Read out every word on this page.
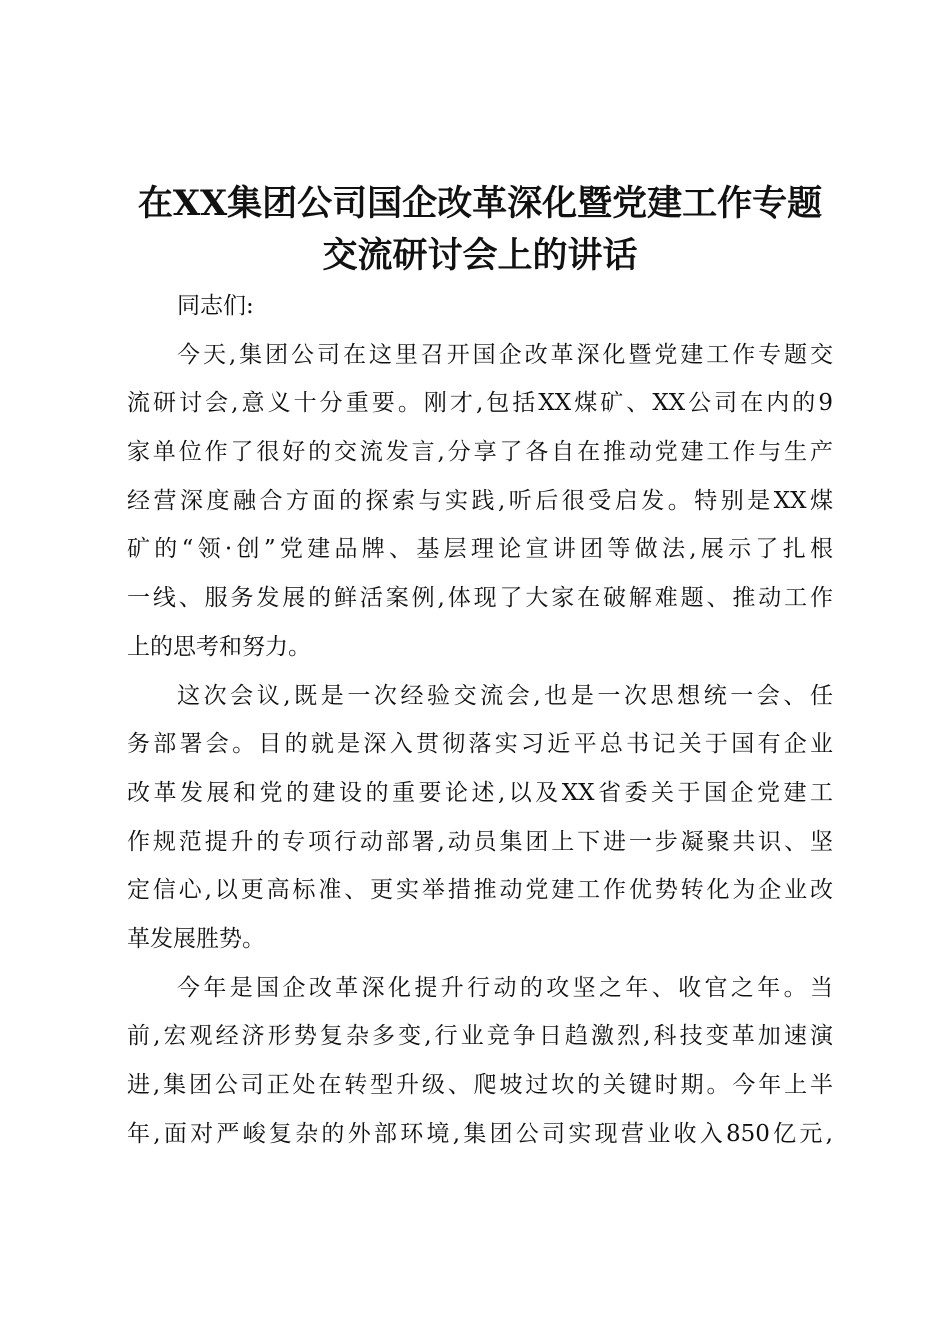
在XX集团公司国企改革深化暨党建工作专题
交流研讨会上的讲话
同志们:
今天,集团公司在这里召开国企改革深化暨党建工作专题交
流研讨会,意义十分重要。刚才,包括XX煤矿、XX公司在内的9
家单位作了很好的交流发言,分享了各自在推动党建工作与生产
经营深度融合方面的探索与实践,听后很受启发。特别是XX煤
矿的“领·创”党建品牌、基层理论宣讲团等做法,展示了扎根
一线、服务发展的鲜活案例,体现了大家在破解难题、推动工作
上的思考和努力。
这次会议,既是一次经验交流会,也是一次思想统一会、任
务部署会。目的就是深入贯彻落实习近平总书记关于国有企业
改革发展和党的建设的重要论述,以及XX省委关于国企党建工
作规范提升的专项行动部署,动员集团上下进一步凝聚共识、坚
定信心,以更高标准、更实举措推动党建工作优势转化为企业改
革发展胜势。
今年是国企改革深化提升行动的攻坚之年、收官之年。当
前,宏观经济形势复杂多变,行业竞争日趋激烈,科技变革加速演
进,集团公司正处在转型升级、爬坡过坎的关键时期。今年上半
年,面对严峻复杂的外部环境,集团公司实现营业收入850亿元,
